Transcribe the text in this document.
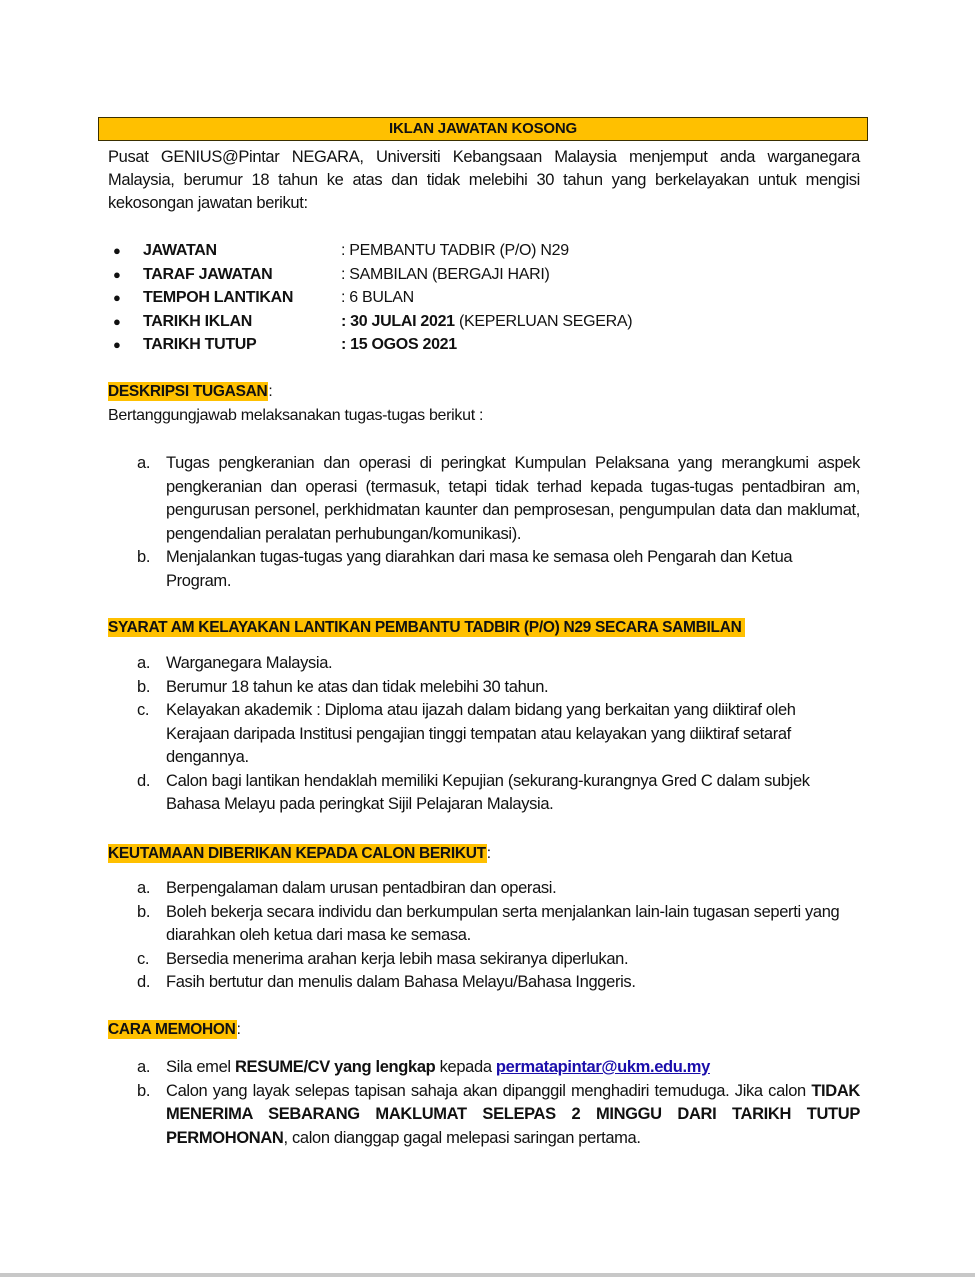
IKLAN JAWATAN KOSONG
Pusat GENIUS@Pintar NEGARA, Universiti Kebangsaan Malaysia menjemput anda warganegara Malaysia, berumur 18 tahun ke atas dan tidak melebihi 30 tahun yang berkelayakan untuk mengisi kekosongan jawatan berikut:
● JAWATAN	: PEMBANTU TADBIR (P/O) N29
● TARAF JAWATAN	: SAMBILAN (BERGAJI HARI)
● TEMPOH LANTIKAN	: 6 BULAN
● TARIKH IKLAN	: 30 JULAI 2021 (KEPERLUAN SEGERA)
● TARIKH TUTUP	: 15 OGOS 2021
DESKRIPSI TUGASAN:
Bertanggungjawab melaksanakan tugas-tugas berikut :
a. Tugas pengkeranian dan operasi di peringkat Kumpulan Pelaksana yang merangkumi aspek pengkeranian dan operasi (termasuk, tetapi tidak terhad kepada tugas-tugas pentadbiran am, pengurusan personel, perkhidmatan kaunter dan pemprosesan, pengumpulan data dan maklumat, pengendalian peralatan perhubungan/komunikasi).
b. Menjalankan tugas-tugas yang diarahkan dari masa ke semasa oleh Pengarah dan Ketua Program.
SYARAT AM KELAYAKAN LANTIKAN PEMBANTU TADBIR (P/O) N29 SECARA SAMBILAN
a. Warganegara Malaysia.
b. Berumur 18 tahun ke atas dan tidak melebihi 30 tahun.
c. Kelayakan akademik : Diploma atau ijazah dalam bidang yang berkaitan yang diiktiraf oleh Kerajaan daripada Institusi pengajian tinggi tempatan atau kelayakan yang diiktiraf setaraf dengannya.
d. Calon bagi lantikan hendaklah memiliki Kepujian (sekurang-kurangnya Gred C dalam subjek Bahasa Melayu pada peringkat Sijil Pelajaran Malaysia.
KEUTAMAAN DIBERIKAN KEPADA CALON BERIKUT:
a. Berpengalaman dalam urusan pentadbiran dan operasi.
b. Boleh bekerja secara individu dan berkumpulan serta menjalankan lain-lain tugasan seperti yang diarahkan oleh ketua dari masa ke semasa.
c. Bersedia menerima arahan kerja lebih masa sekiranya diperlukan.
d. Fasih bertutur dan menulis dalam Bahasa Melayu/Bahasa Inggeris.
CARA MEMOHON:
a. Sila emel RESUME/CV yang lengkap kepada permatapintar@ukm.edu.my
b. Calon yang layak selepas tapisan sahaja akan dipanggil menghadiri temuduga. Jika calon TIDAK MENERIMA SEBARANG MAKLUMAT SELEPAS 2 MINGGU DARI TARIKH TUTUP PERMOHONAN, calon dianggap gagal melepasi saringan pertama.
